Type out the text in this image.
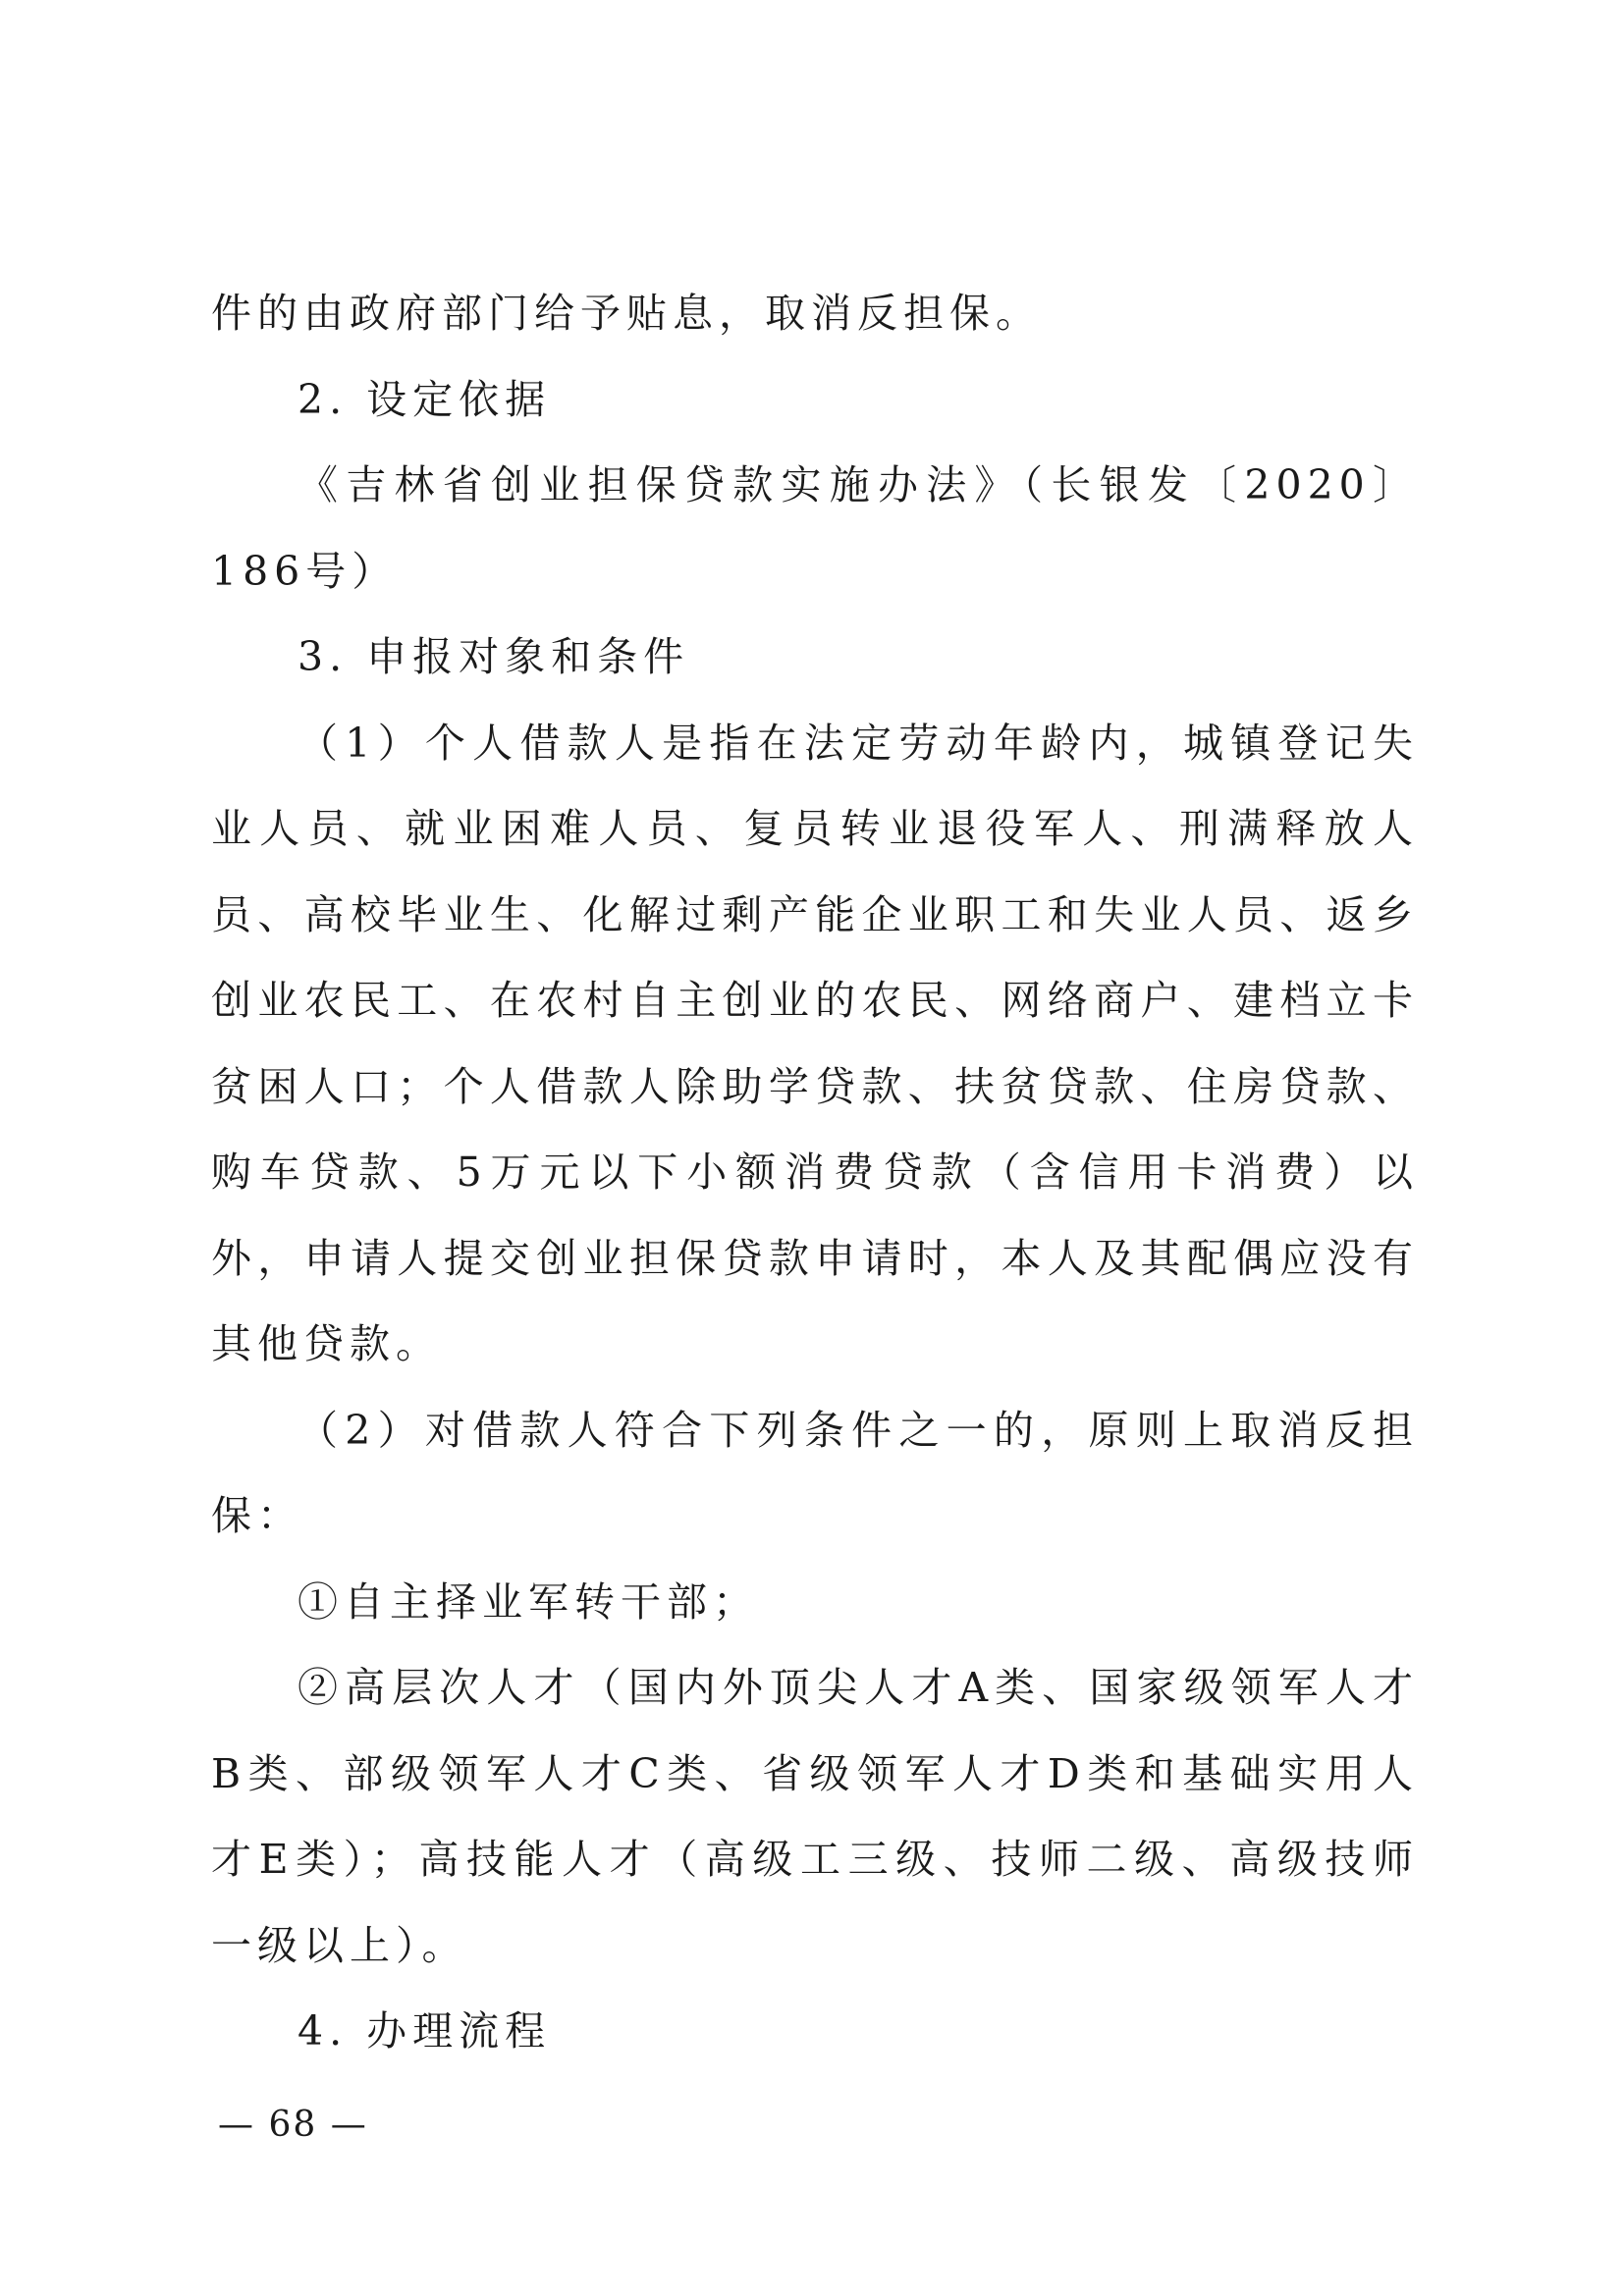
件的由政府部门给予贴息，取消反担保。

2. 设定依据

《吉林省创业担保贷款实施办法》（长银发〔2020〕186号）

3. 申报对象和条件

（1）个人借款人是指在法定劳动年龄内，城镇登记失业人员、就业困难人员、复员转业退役军人、刑满释放人员、高校毕业生、化解过剩产能企业职工和失业人员、返乡创业农民工、在农村自主创业的农民、网络商户、建档立卡贫困人口；个人借款人除助学贷款、扶贫贷款、住房贷款、购车贷款、5万元以下小额消费贷款（含信用卡消费）以外，申请人提交创业担保贷款申请时，本人及其配偶应没有其他贷款。

（2）对借款人符合下列条件之一的，原则上取消反担保：

①自主择业军转干部；

②高层次人才（国内外顶尖人才A类、国家级领军人才B类、部级领军人才C类、省级领军人才D类和基础实用人才E类）；高技能人才（高级工三级、技师二级、高级技师一级以上）。

4. 办理流程

— 68 —
